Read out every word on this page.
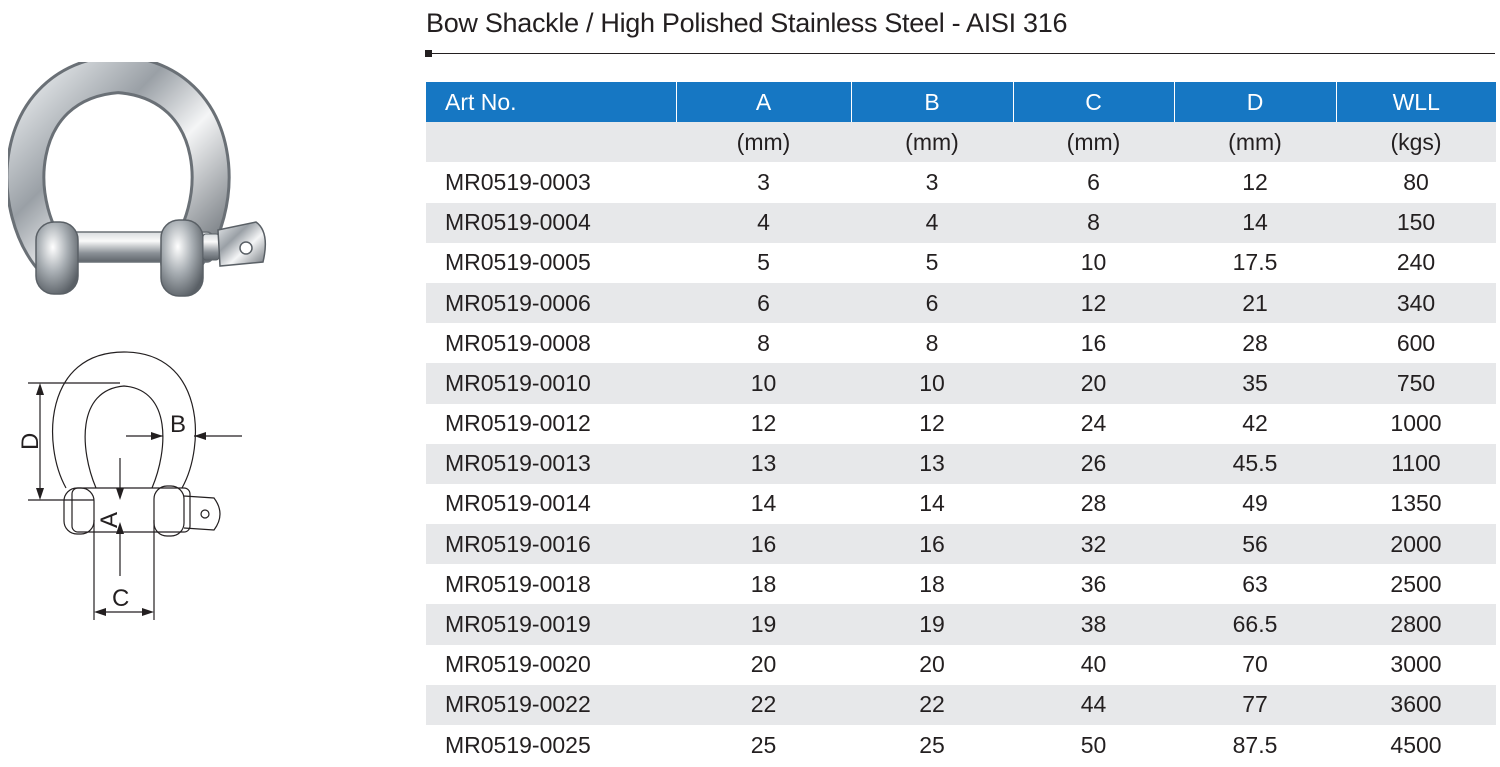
D
B
A
C
Bow Shackle / High Polished Stainless Steel - AISI 316
Art No.	A	B	C	D	WLL
	(mm)	(mm)	(mm)	(mm)	(kgs)
MR0519-0003	3	3	6	12	80
MR0519-0004	4	4	8	14	150
MR0519-0005	5	5	10	17.5	240
MR0519-0006	6	6	12	21	340
MR0519-0008	8	8	16	28	600
MR0519-0010	10	10	20	35	750
MR0519-0012	12	12	24	42	1000
MR0519-0013	13	13	26	45.5	1100
MR0519-0014	14	14	28	49	1350
MR0519-0016	16	16	32	56	2000
MR0519-0018	18	18	36	63	2500
MR0519-0019	19	19	38	66.5	2800
MR0519-0020	20	20	40	70	3000
MR0519-0022	22	22	44	77	3600
MR0519-0025	25	25	50	87.5	4500
